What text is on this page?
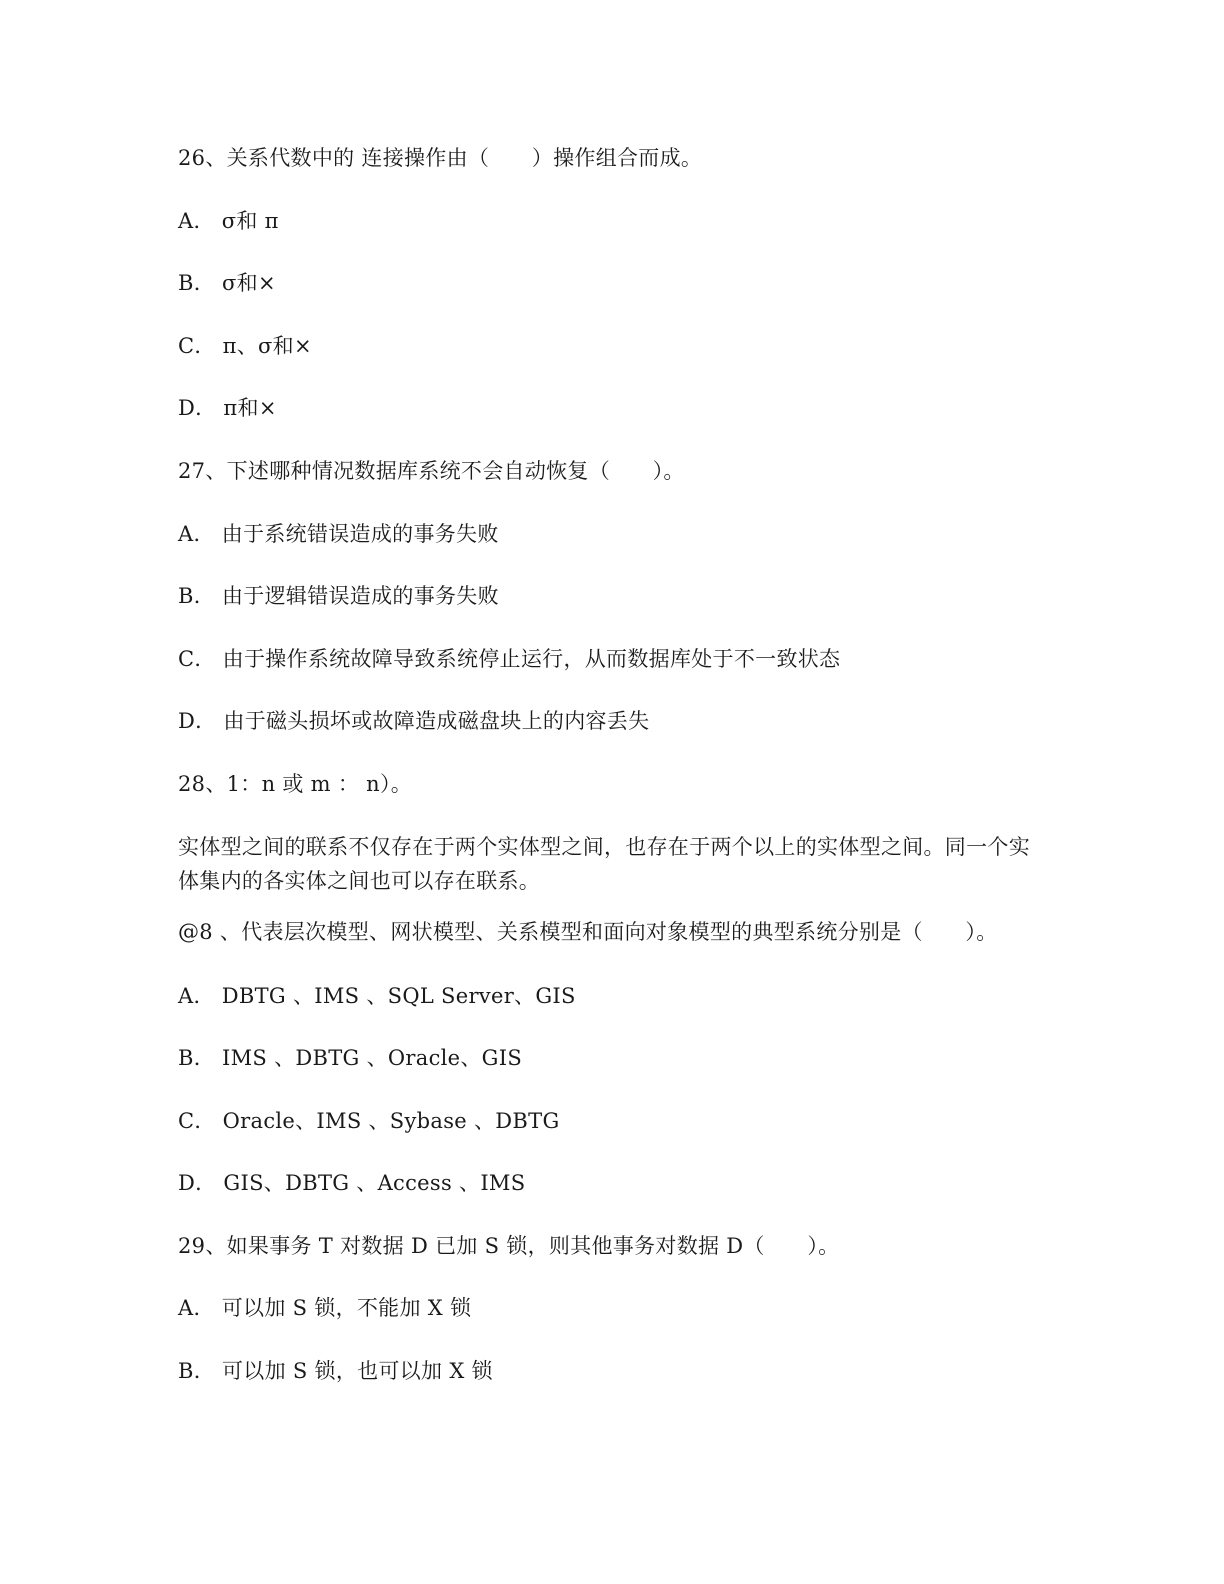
26、关系代数中的 连接操作由（　　）操作组合而成。
A． σ和 π
B． σ和×
C． π、σ和×
D． π和×
27、下述哪种情况数据库系统不会自动恢复（　　）。
A． 由于系统错误造成的事务失败
B． 由于逻辑错误造成的事务失败
C． 由于操作系统故障导致系统停止运行，从而数据库处于不一致状态
D． 由于磁头损坏或故障造成磁盘块上的内容丢失
28、1：n 或 m ： n）。
实体型之间的联系不仅存在于两个实体型之间，也存在于两个以上的实体型之间。同一个实体集内的各实体之间也可以存在联系。
@8 、代表层次模型、网状模型、关系模型和面向对象模型的典型系统分别是（　　）。
A． DBTG 、IMS 、SQL Server、GIS
B． IMS 、DBTG 、Oracle、GIS
C． Oracle、IMS 、Sybase 、DBTG
D． GIS、DBTG 、Access 、IMS
29、如果事务 T 对数据 D 已加 S 锁，则其他事务对数据 D（　　）。
A． 可以加 S 锁，不能加 X 锁
B． 可以加 S 锁，也可以加 X 锁
